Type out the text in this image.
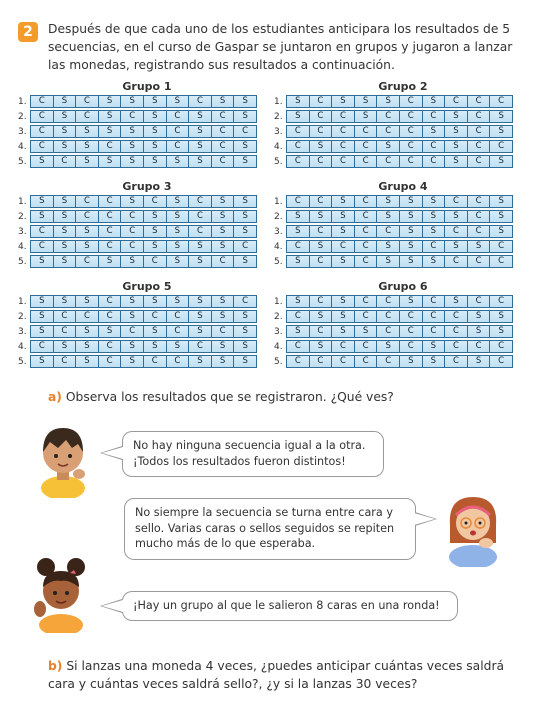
2	Después de que cada uno de los estudiantes anticipara los resultados de 5 secuencias, en el curso de Gaspar se juntaron en grupos y jugaron a lanzar las monedas, registrando sus resultados a continuación.
Grupo 1
1.	C	S	C	S	S	S	S	C	S	S
2.	C	S	C	S	C	S	C	S	C	S
3.	C	S	S	S	S	S	C	S	C	C
4.	C	S	S	C	S	S	C	S	C	S
5.	S	C	S	S	S	S	S	S	C	S
Grupo 2
1.	S	C	S	S	S	C	S	C	C	C
2.	S	C	C	S	C	C	C	S	C	S
3.	C	C	C	C	C	C	S	S	C	S
4.	C	S	C	C	S	C	C	S	C	C
5.	C	C	C	C	C	C	C	S	C	S
Grupo 3
1.	S	S	C	C	S	C	S	C	S	S
2.	S	S	C	C	C	S	S	C	S	S
3.	C	S	S	C	C	S	S	C	S	S
4.	C	S	S	C	C	S	S	S	S	C
5.	S	S	C	S	S	C	S	S	C	S
Grupo 4
1.	C	C	S	C	S	S	S	C	C	S
2.	S	S	S	C	S	S	S	S	C	S
3.	S	C	S	C	C	S	S	C	C	S
4.	C	S	C	C	S	S	C	S	S	C
5.	S	C	S	C	S	S	S	C	C	C
Grupo 5
1.	S	S	S	C	S	S	S	S	S	C
2.	S	C	C	C	S	C	C	S	S	S
3.	S	C	S	S	C	S	C	S	C	S
4.	C	S	S	C	S	S	S	C	S	S
5.	S	C	S	C	S	C	C	S	S	S
Grupo 6
1.	S	C	S	C	C	S	C	S	C	C
2.	C	S	S	C	C	C	C	C	S	S
3.	S	C	S	S	C	C	C	C	S	S
4.	C	S	C	C	S	C	S	C	C	C
5.	C	C	C	C	C	S	S	C	S	C
a) Observa los resultados que se registraron. ¿Qué ves?
No hay ninguna secuencia igual a la otra. ¡Todos los resultados fueron distintos!
No siempre la secuencia se turna entre cara y sello. Varias caras o sellos seguidos se repiten mucho más de lo que esperaba.
¡Hay un grupo al que le salieron 8 caras en una ronda!
b) Si lanzas una moneda 4 veces, ¿puedes anticipar cuántas veces saldrá cara y cuántas veces saldrá sello?, ¿y si la lanzas 30 veces?
